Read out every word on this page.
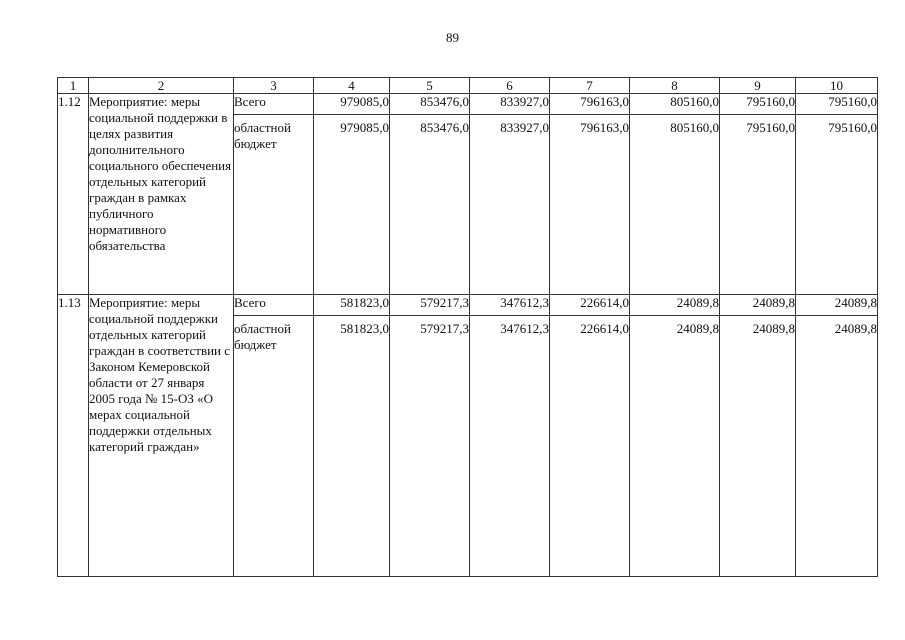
89
1	2	3	4	5	6	7	8	9	10
1.12	Мероприятие: меры социальной поддержки в целях развития дополнительного социального обеспечения отдельных категорий граждан в рамках публичного нормативного обязательства	Всего	979085,0	853476,0	833927,0	796163,0	805160,0	795160,0	795160,0
		областной бюджет	979085,0	853476,0	833927,0	796163,0	805160,0	795160,0	795160,0
1.13	Мероприятие: меры социальной поддержки отдельных категорий граждан в соответствии с Законом Кемеровской области от 27 января 2005 года № 15-ОЗ «О мерах социальной поддержки отдельных категорий граждан»	Всего	581823,0	579217,3	347612,3	226614,0	24089,8	24089,8	24089,8
		областной бюджет	581823,0	579217,3	347612,3	226614,0	24089,8	24089,8	24089,8
